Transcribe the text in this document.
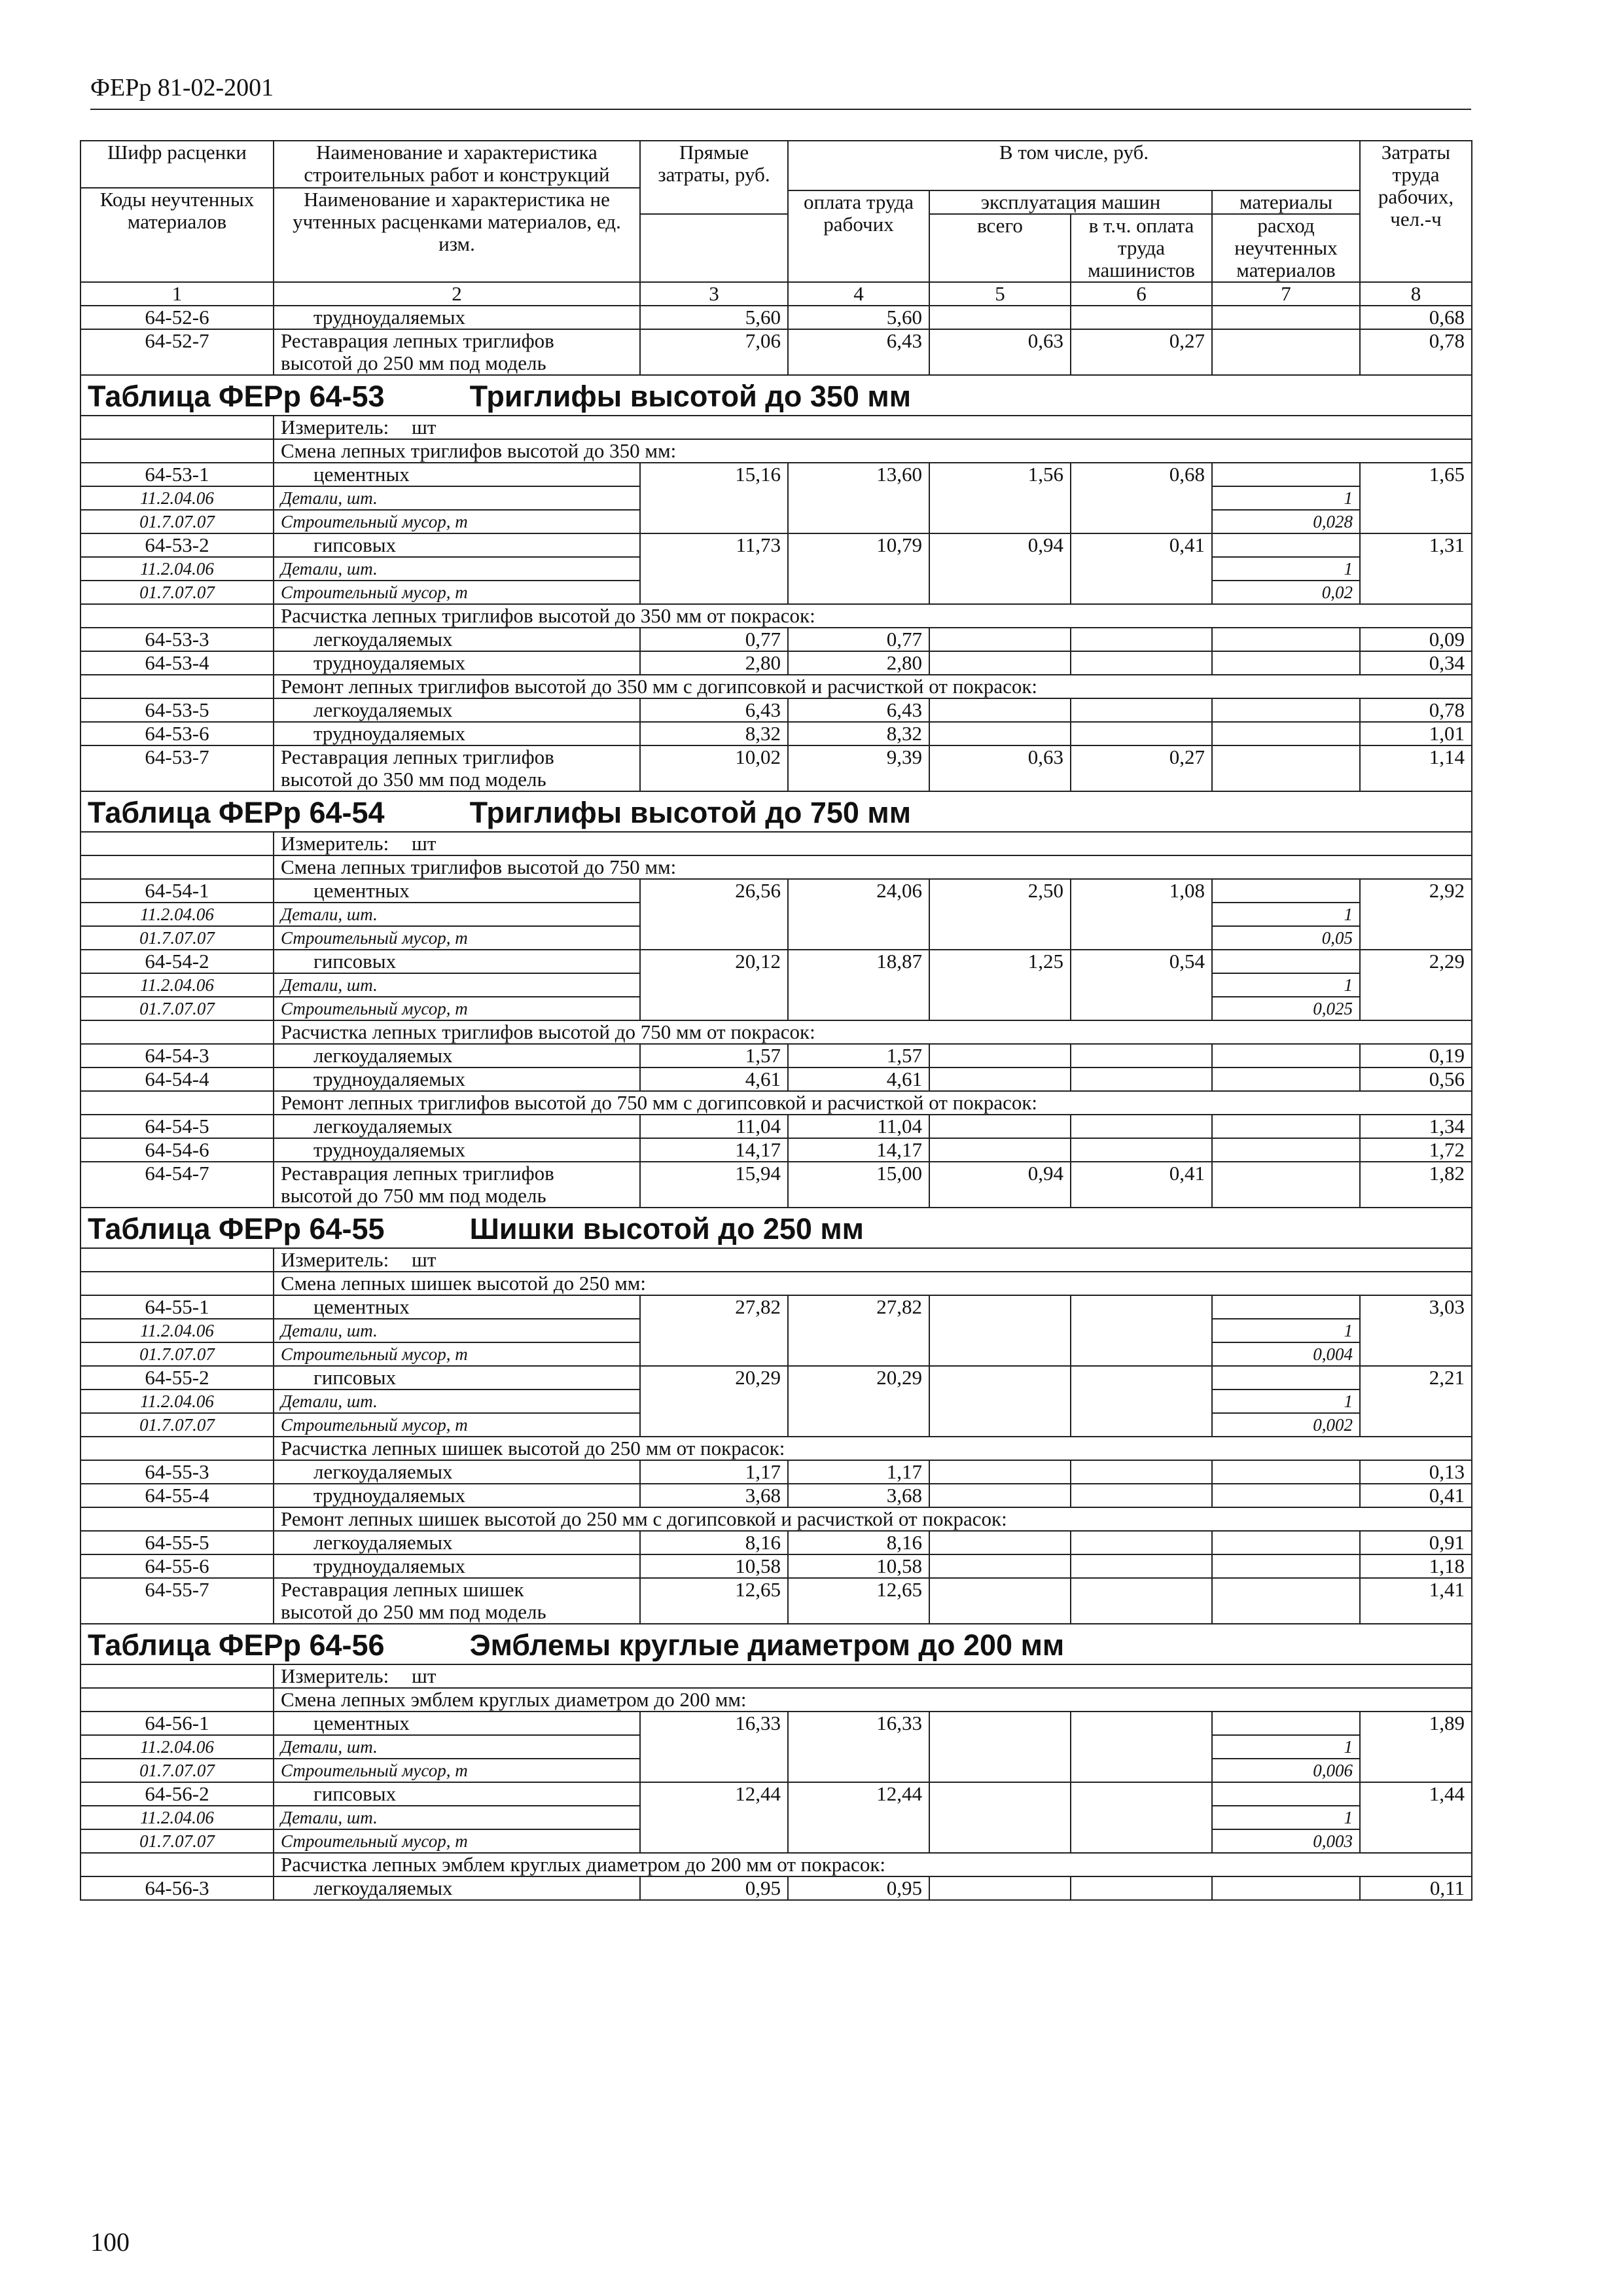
ФЕРр 81-02-2001
Шифр расценки	Наименование и характеристика строительных работ и конструкций	Прямые затраты, руб.	В том числе, руб.				Затраты труда рабочих, чел.-ч
Коды неучтенных материалов	Наименование и характеристика не учтенных расценками материалов, ед. изм.						
			оплата труда рабочих	эксплуатация машин		материалы	
				всего	в т.ч. оплата труда машинистов	расход неучтенных материалов	
1	2	3	4	5	6	7	8
64-52-6	трудноудаляемых	5,60	5,60				0,68
64-52-7	Реставрация лепных триглифов
высотой до 250 мм под модель	7,06	6,43	0,63	0,27		0,78
Таблица ФЕРр 64-53 Триглифы высотой до 350 мм							
	Измеритель: шт						
	Смена лепных триглифов высотой до 350 мм:						
64-53-1	цементных	15,16	13,60	1,56	0,68		1,65
11.2.04.06	Детали, шт.					1	
01.7.07.07	Строительный мусор, т					0,028	
64-53-2	гипсовых	11,73	10,79	0,94	0,41		1,31
11.2.04.06	Детали, шт.					1	
01.7.07.07	Строительный мусор, т					0,02	
	Расчистка лепных триглифов высотой до 350 мм от покрасок:						
64-53-3	легкоудаляемых	0,77	0,77				0,09
64-53-4	трудноудаляемых	2,80	2,80				0,34
	Ремонт лепных триглифов высотой до 350 мм с догипсовкой и расчисткой от покрасок:						
64-53-5	легкоудаляемых	6,43	6,43				0,78
64-53-6	трудноудаляемых	8,32	8,32				1,01
64-53-7	Реставрация лепных триглифов
высотой до 350 мм под модель	10,02	9,39	0,63	0,27		1,14
Таблица ФЕРр 64-54 Триглифы высотой до 750 мм							
	Измеритель: шт						
	Смена лепных триглифов высотой до 750 мм:						
64-54-1	цементных	26,56	24,06	2,50	1,08		2,92
11.2.04.06	Детали, шт.					1	
01.7.07.07	Строительный мусор, т					0,05	
64-54-2	гипсовых	20,12	18,87	1,25	0,54		2,29
11.2.04.06	Детали, шт.					1	
01.7.07.07	Строительный мусор, т					0,025	
	Расчистка лепных триглифов высотой до 750 мм от покрасок:						
64-54-3	легкоудаляемых	1,57	1,57				0,19
64-54-4	трудноудаляемых	4,61	4,61				0,56
	Ремонт лепных триглифов высотой до 750 мм с догипсовкой и расчисткой от покрасок:						
64-54-5	легкоудаляемых	11,04	11,04				1,34
64-54-6	трудноудаляемых	14,17	14,17				1,72
64-54-7	Реставрация лепных триглифов
высотой до 750 мм под модель	15,94	15,00	0,94	0,41		1,82
Таблица ФЕРр 64-55 Шишки высотой до 250 мм							
	Измеритель: шт						
	Смена лепных шишек высотой до 250 мм:						
64-55-1	цементных	27,82	27,82				3,03
11.2.04.06	Детали, шт.					1	
01.7.07.07	Строительный мусор, т					0,004	
64-55-2	гипсовых	20,29	20,29				2,21
11.2.04.06	Детали, шт.					1	
01.7.07.07	Строительный мусор, т					0,002	
	Расчистка лепных шишек высотой до 250 мм от покрасок:						
64-55-3	легкоудаляемых	1,17	1,17				0,13
64-55-4	трудноудаляемых	3,68	3,68				0,41
	Ремонт лепных шишек высотой до 250 мм с догипсовкой и расчисткой от покрасок:						
64-55-5	легкоудаляемых	8,16	8,16				0,91
64-55-6	трудноудаляемых	10,58	10,58				1,18
64-55-7	Реставрация лепных шишек
высотой до 250 мм под модель	12,65	12,65				1,41
Таблица ФЕРр 64-56 Эмблемы круглые диаметром до 200 мм							
	Измеритель: шт						
	Смена лепных эмблем круглых диаметром до 200 мм:						
64-56-1	цементных	16,33	16,33				1,89
11.2.04.06	Детали, шт.					1	
01.7.07.07	Строительный мусор, т					0,006	
64-56-2	гипсовых	12,44	12,44				1,44
11.2.04.06	Детали, шт.					1	
01.7.07.07	Строительный мусор, т					0,003	
	Расчистка лепных эмблем круглых диаметром до 200 мм от покрасок:						
64-56-3	легкоудаляемых	0,95	0,95				0,11
100
